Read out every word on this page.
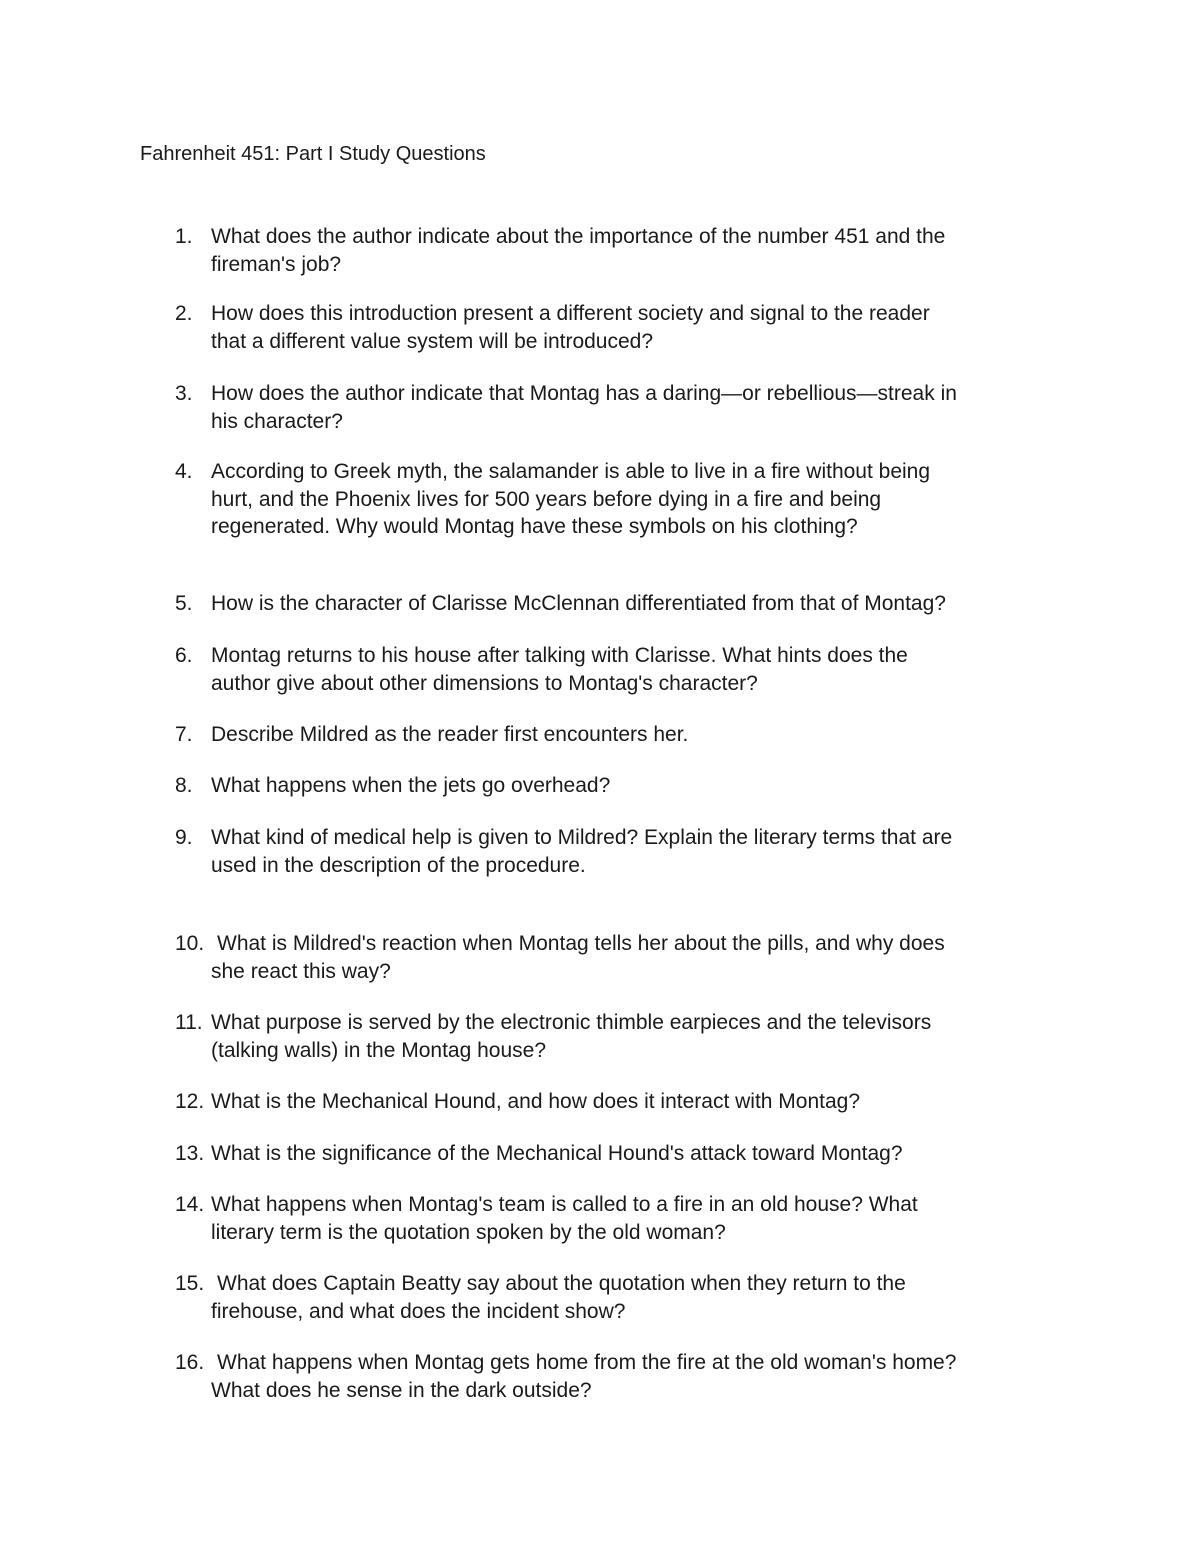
Fahrenheit 451: Part I Study Questions
1. What does the author indicate about the importance of the number 451 and the
fireman's job?
2. How does this introduction present a different society and signal to the reader
that a different value system will be introduced?
3. How does the author indicate that Montag has a daring—or rebellious—streak in
his character?
4. According to Greek myth, the salamander is able to live in a fire without being
hurt, and the Phoenix lives for 500 years before dying in a fire and being
regenerated. Why would Montag have these symbols on his clothing?
5. How is the character of Clarisse McClennan differentiated from that of Montag?
6. Montag returns to his house after talking with Clarisse. What hints does the
author give about other dimensions to Montag's character?
7. Describe Mildred as the reader first encounters her.
8. What happens when the jets go overhead?
9. What kind of medical help is given to Mildred? Explain the literary terms that are
used in the description of the procedure.
10. What is Mildred's reaction when Montag tells her about the pills, and why does
she react this way?
11. What purpose is served by the electronic thimble earpieces and the televisors
(talking walls) in the Montag house?
12. What is the Mechanical Hound, and how does it interact with Montag?
13. What is the significance of the Mechanical Hound's attack toward Montag?
14. What happens when Montag's team is called to a fire in an old house? What
literary term is the quotation spoken by the old woman?
15. What does Captain Beatty say about the quotation when they return to the
firehouse, and what does the incident show?
16. What happens when Montag gets home from the fire at the old woman's home?
What does he sense in the dark outside?
